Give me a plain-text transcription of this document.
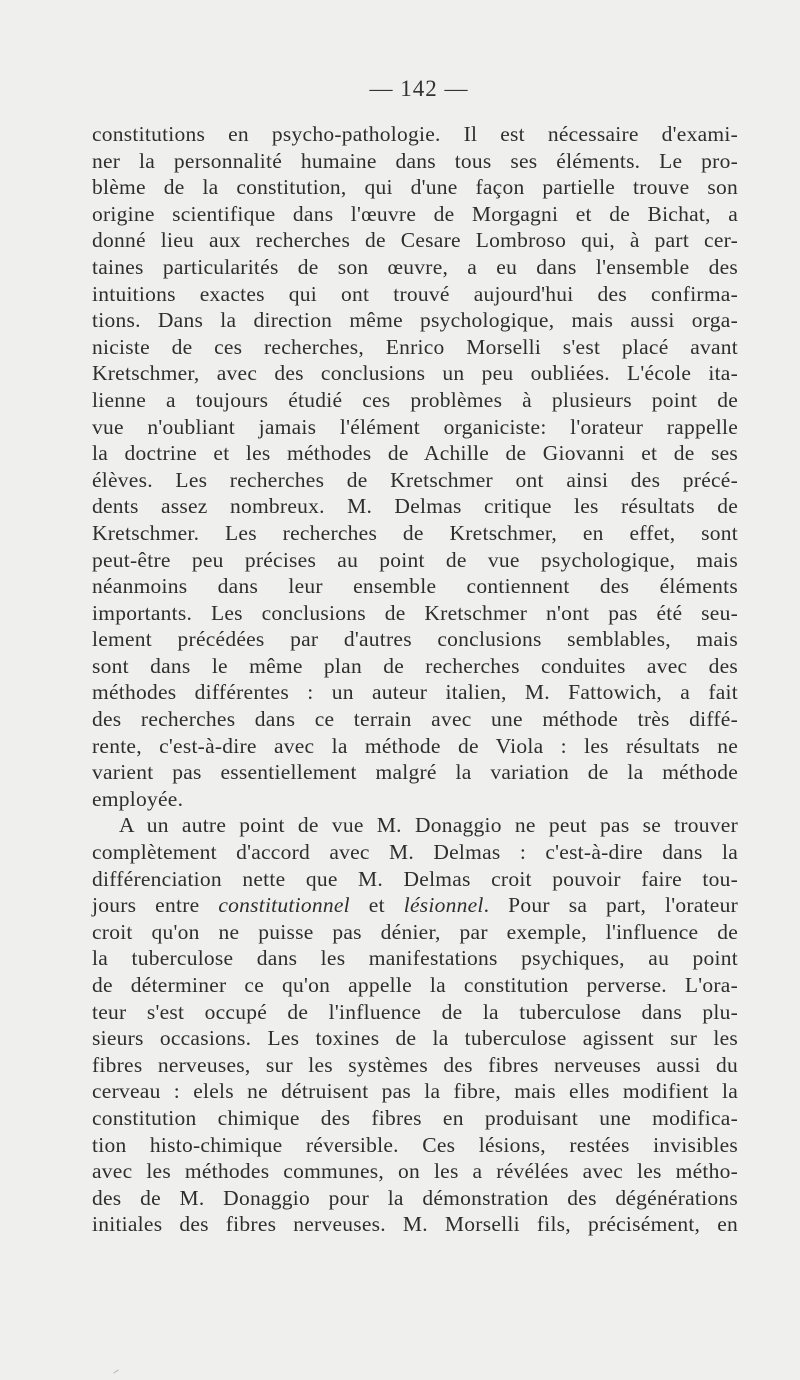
— 142 —
constitutions en psycho-pathologie. Il est nécessaire d'exami-
ner la personnalité humaine dans tous ses éléments. Le pro-
blème de la constitution, qui d'une façon partielle trouve son
origine scientifique dans l'œuvre de Morgagni et de Bichat, a
donné lieu aux recherches de Cesare Lombroso qui, à part cer-
taines particularités de son œuvre, a eu dans l'ensemble des
intuitions exactes qui ont trouvé aujourd'hui des confirma-
tions. Dans la direction même psychologique, mais aussi orga-
niciste de ces recherches, Enrico Morselli s'est placé avant
Kretschmer, avec des conclusions un peu oubliées. L'école ita-
lienne a toujours étudié ces problèmes à plusieurs point de
vue n'oubliant jamais l'élément organiciste: l'orateur rappelle
la doctrine et les méthodes de Achille de Giovanni et de ses
élèves. Les recherches de Kretschmer ont ainsi des précé-
dents assez nombreux. M. Delmas critique les résultats de
Kretschmer. Les recherches de Kretschmer, en effet, sont
peut-être peu précises au point de vue psychologique, mais
néanmoins dans leur ensemble contiennent des éléments
importants. Les conclusions de Kretschmer n'ont pas été seu-
lement précédées par d'autres conclusions semblables, mais
sont dans le même plan de recherches conduites avec des
méthodes différentes : un auteur italien, M. Fattowich, a fait
des recherches dans ce terrain avec une méthode très diffé-
rente, c'est-à-dire avec la méthode de Viola : les résultats ne
varient pas essentiellement malgré la variation de la méthode
employée.
A un autre point de vue M. Donaggio ne peut pas se trouver
complètement d'accord avec M. Delmas : c'est-à-dire dans la
différenciation nette que M. Delmas croit pouvoir faire tou-
jours entre constitutionnel et lésionnel. Pour sa part, l'orateur
croit qu'on ne puisse pas dénier, par exemple, l'influence de
la tuberculose dans les manifestations psychiques, au point
de déterminer ce qu'on appelle la constitution perverse. L'ora-
teur s'est occupé de l'influence de la tuberculose dans plu-
sieurs occasions. Les toxines de la tuberculose agissent sur les
fibres nerveuses, sur les systèmes des fibres nerveuses aussi du
cerveau : elels ne détruisent pas la fibre, mais elles modifient la
constitution chimique des fibres en produisant une modifica-
tion histo-chimique réversible. Ces lésions, restées invisibles
avec les méthodes communes, on les a révélées avec les métho-
des de M. Donaggio pour la démonstration des dégénérations
initiales des fibres nerveuses. M. Morselli fils, précisément, en
